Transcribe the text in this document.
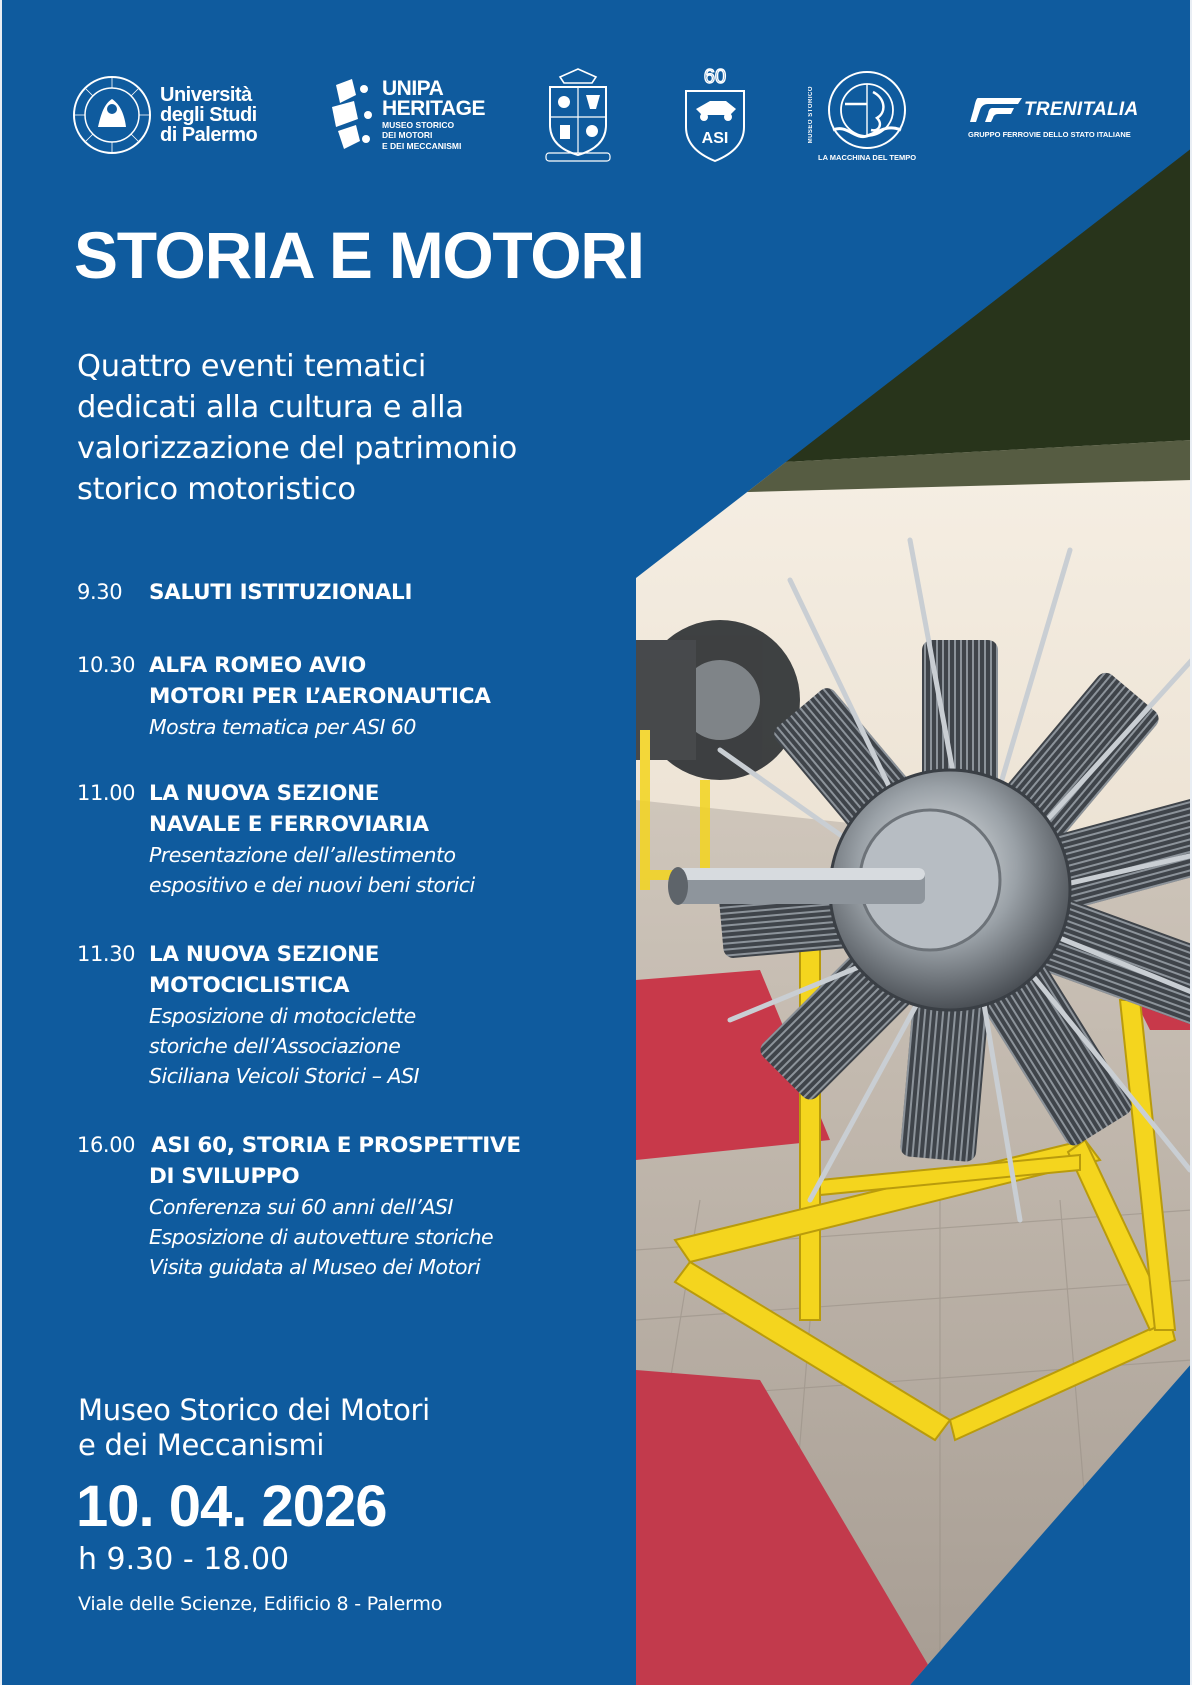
Università
degli Studi
di Palermo
UNIPA
HERITAGE
MUSEO STORICO
DEI MOTORI
E DEI MECCANISMI
60
ASI	MUSEO STORICO
LA MACCHINA DEL TEMPO
TRENITALIA
GRUPPO FERROVIE DELLO STATO ITALIANE
STORIA E MOTORI
Quattro eventi tematici
dedicati alla cultura e alla
valorizzazione del patrimonio
storico motoristico
9.30 SALUTI ISTITUZIONALI
10.30 ALFA ROMEO AVIO
MOTORI PER L’AERONAUTICA
Mostra tematica per ASI 60
11.00 LA NUOVA SEZIONE
NAVALE E FERROVIARIA
Presentazione dell’allestimento
espositivo e dei nuovi beni storici
11.30 LA NUOVA SEZIONE
MOTOCICLISTICA
Esposizione di motociclette
storiche dell’Associazione
Siciliana Veicoli Storici – ASI
16.00 ASI 60, STORIA E PROSPETTIVE
DI SVILUPPO
Conferenza sui 60 anni dell’ASI
Esposizione di autovetture storiche
Visita guidata al Museo dei Motori
Museo Storico dei Motori
e dei Meccanismi
10. 04. 2026
h 9.30 - 18.00
Viale delle Scienze, Edificio 8 - Palermo
